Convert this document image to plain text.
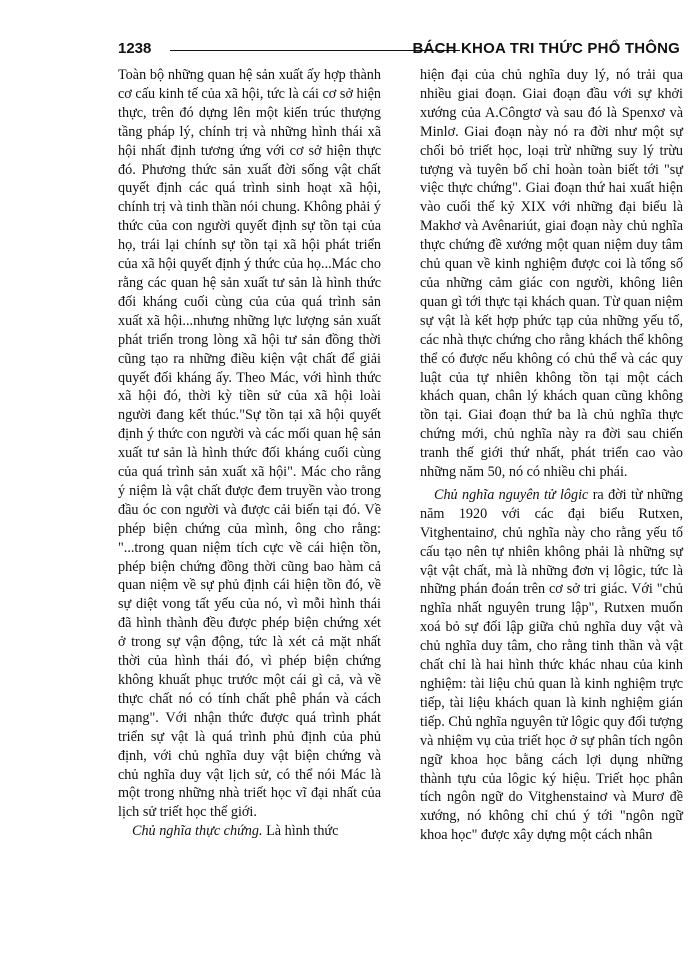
1238	BÁCH KHOA TRI THỨC PHỔ THÔNG

Toàn bộ những quan hệ sản xuất ấy hợp thành cơ cấu kinh tế của xã hội, tức là cái cơ sở hiện thực, trên đó dựng lên một kiến trúc thượng tầng pháp lý, chính trị và những hình thái xã hội nhất định tương ứng với cơ sở hiện thực đó. Phương thức sản xuất đời sống vật chất quyết định các quá trình sinh hoạt xã hội, chính trị và tinh thần nói chung. Không phải ý thức của con người quyết định sự tồn tại của họ, trái lại chính sự tồn tại xã hội phát triển của xã hội quyết định ý thức của họ...Mác cho rằng các quan hệ sản xuất tư sản là hình thức đối kháng cuối cùng của của quá trình sản xuất xã hội...nhưng những lực lượng sản xuất phát triển trong lòng xã hội tư sản đồng thời cũng tạo ra những điều kiện vật chất để giải quyết đối kháng ấy. Theo Mác, với hình thức xã hội đó, thời kỳ tiền sử của xã hội loài người đang kết thúc."Sự tồn tại xã hội quyết định ý thức con người và các mối quan hệ sản xuất tư sản là hình thức đối kháng cuối cùng của quá trình sản xuất xã hội". Mác cho rằng ý niệm là vật chất được đem truyền vào trong đầu óc con người và được cải biến tại đó. Về phép biện chứng của mình, ông cho rằng: "...trong quan niệm tích cực về cái hiện tồn, phép biện chứng đồng thời cũng bao hàm cả quan niệm về sự phủ định cái hiện tồn đó, về sự diệt vong tất yếu của nó, vì mỗi hình thái đã hình thành đều được phép biện chứng xét ở trong sự vận động, tức là xét cả mặt nhất thời của hình thái đó, vì phép biện chứng không khuất phục trước một cái gì cả, và về thực chất nó có tính chất phê phán và cách mạng". Với nhận thức được quá trình phát triển sự vật là quá trình phủ định của phủ định, với chủ nghĩa duy vật biện chứng và chủ nghĩa duy vật lịch sử, có thể nói Mác là một trong những nhà triết học vĩ đại nhất của lịch sử triết học thế giới.

Chủ nghĩa thực chứng. Là hình thức

hiện đại của chủ nghĩa duy lý, nó trải qua nhiều giai đoạn. Giai đoạn đầu với sự khởi xướng của A.Côngtơ và sau đó là Spenxơ và Minlơ. Giai đoạn này nó ra đời như một sự chối bỏ triết học, loại trừ những suy lý trừu tượng và tuyên bố chỉ hoàn toàn biết tới "sự việc thực chứng". Giai đoạn thứ hai xuất hiện vào cuối thế kỷ XIX với những đại biểu là Makhơ và Avênariút, giai đoạn này chủ nghĩa thực chứng đề xướng một quan niệm duy tâm chủ quan về kinh nghiệm được coi là tổng số của những cảm giác con người, không liên quan gì tới thực tại khách quan. Từ quan niệm sự vật là kết hợp phức tạp của những yếu tố, các nhà thực chứng cho rằng khách thể không thể có được nếu không có chủ thể và các quy luật của tự nhiên không tồn tại một cách khách quan, chân lý khách quan cũng không tồn tại. Giai đoạn thứ ba là chủ nghĩa thực chứng mới, chủ nghĩa này ra đời sau chiến tranh thế giới thứ nhất, phát triển cao vào những năm 50, nó có nhiều chi phái.

Chủ nghĩa nguyên tử lôgic ra đời từ những năm 1920 với các đại biểu Rutxen, Vitghentainơ, chủ nghĩa này cho rằng yếu tố cấu tạo nên tự nhiên không phải là những sự vật vật chất, mà là những đơn vị lôgic, tức là những phán đoán trên cơ sở tri giác. Với "chủ nghĩa nhất nguyên trung lập", Rutxen muốn xoá bỏ sự đối lập giữa chủ nghĩa duy vật và chủ nghĩa duy tâm, cho rằng tinh thần và vật chất chỉ là hai hình thức khác nhau của kinh nghiệm: tài liệu chủ quan là kinh nghiệm trực tiếp, tài liệu khách quan là kinh nghiệm gián tiếp. Chủ nghĩa nguyên tử lôgic quy đối tượng và nhiệm vụ của triết học ở sự phân tích ngôn ngữ khoa học bằng cách lợi dụng những thành tựu của lôgic ký hiệu. Triết học phân tích ngôn ngữ do Vitghenstainơ và Murơ đề xướng, nó không chỉ chú ý tới "ngôn ngữ khoa học" được xây dựng một cách nhân
